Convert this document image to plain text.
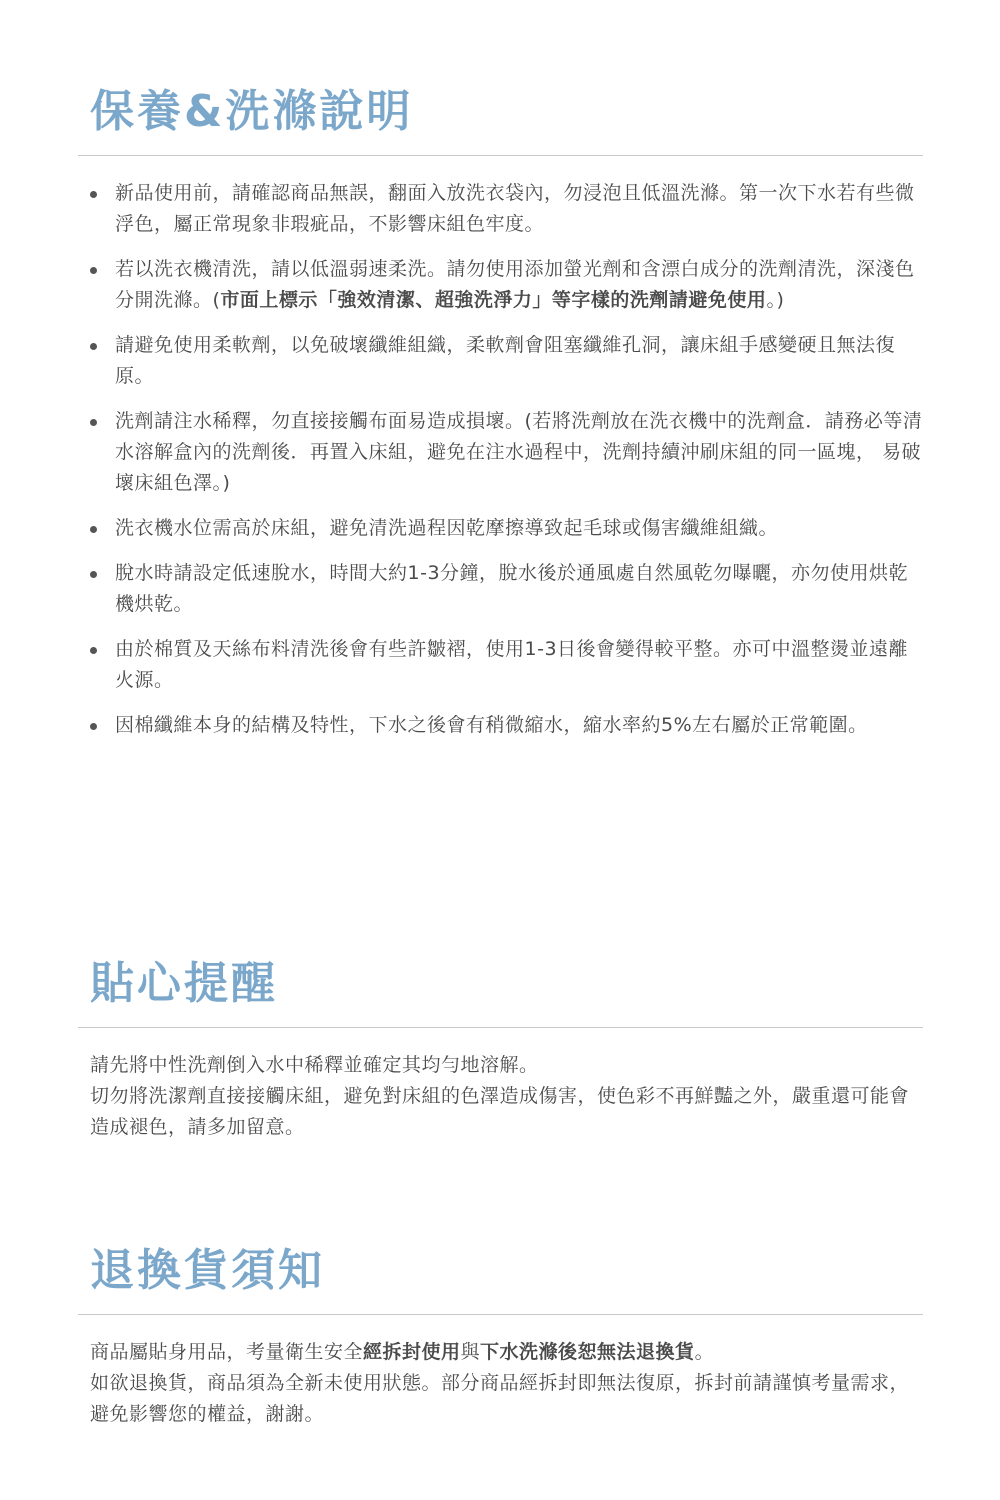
保養&洗滌說明
新品使用前，請確認商品無誤，翻面入放洗衣袋內，勿浸泡且低溫洗滌。第一次下水若有些微浮色，屬正常現象非瑕疵品，不影響床組色牢度。
若以洗衣機清洗，請以低溫弱速柔洗。請勿使用添加螢光劑和含漂白成分的洗劑清洗，深淺色分開洗滌。(市面上標示「強效清潔、超強洗淨力」等字樣的洗劑請避免使用。)
請避免使用柔軟劑，以免破壞纖維組織，柔軟劑會阻塞纖維孔洞，讓床組手感變硬且無法復原。
洗劑請注水稀釋，勿直接接觸布面易造成損壞。(若將洗劑放在洗衣機中的洗劑盒．請務必等清水溶解盒內的洗劑後．再置入床組，避免在注水過程中，洗劑持續沖刷床組的同一區塊， 易破壞床組色澤。)
洗衣機水位需高於床組，避免清洗過程因乾摩擦導致起毛球或傷害纖維組織。
脫水時請設定低速脫水，時間大約1-3分鐘，脫水後於通風處自然風乾勿曝曬，亦勿使用烘乾機烘乾。
由於棉質及天絲布料清洗後會有些許皺褶，使用1-3日後會變得較平整。亦可中溫整燙並遠離火源。
因棉纖維本身的結構及特性，下水之後會有稍微縮水，縮水率約5%左右屬於正常範圍。
貼心提醒

請先將中性洗劑倒入水中稀釋並確定其均勻地溶解。

切勿將洗潔劑直接接觸床組，避免對床組的色澤造成傷害，使色彩不再鮮豔之外，嚴重還可能會造成褪色，請多加留意。

退換貨須知

商品屬貼身用品，考量衛生安全經拆封使用與下水洗滌後恕無法退換貨。

如欲退換貨，商品須為全新未使用狀態。部分商品經拆封即無法復原，拆封前請謹慎考量需求，避免影響您的權益，謝謝。
